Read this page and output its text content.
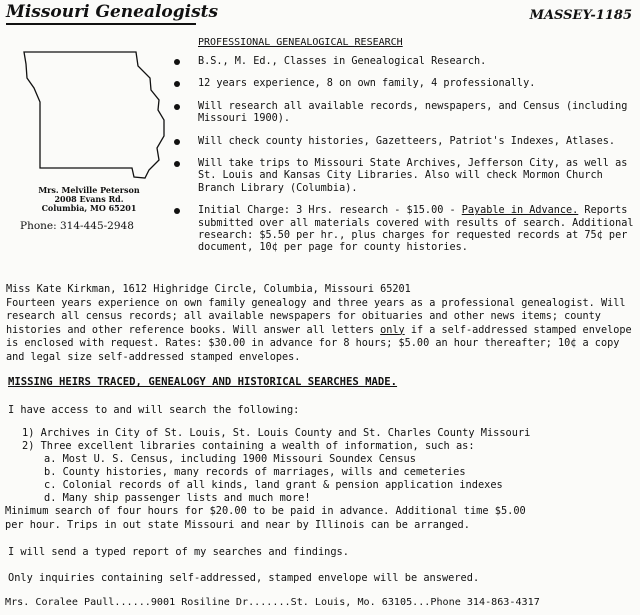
Missouri Genealogists	MASSEY-1185
Mrs. Melville Peterson
2008 Evans Rd.
Columbia, MO 65201
Phone: 314-445-2948
PROFESSIONAL GENEALOGICAL RESEARCH
B.S., M. Ed., Classes in Genealogical Research.
12 years experience, 8 on own family, 4 professionally.
Will research all available records, newspapers, and Census (including Missouri 1900).
Will check county histories, Gazetteers, Patriot's Indexes, Atlases.
Will take trips to Missouri State Archives, Jefferson City, as well as St. Louis and Kansas City Libraries. Also will check Mormon Church Branch Library (Columbia).
Initial Charge: 3 Hrs. research - $15.00 - Payable in Advance. Reports submitted over all materials covered with results of search. Additional research: $5.50 per hr., plus charges for requested records at 75¢ per document, 10¢ per page for county histories.

Miss Kate Kirkman, 1612 Highridge Circle, Columbia, Missouri 65201
Fourteen years experience on own family genealogy and three years as a professional genealogist. Will research all census records; all available newspapers for obituaries and other news items; county histories and other reference books. Will answer all letters only if a self-addressed stamped envelope is enclosed with request. Rates: $30.00 in advance for 8 hours; $5.00 an hour thereafter; 10¢ a copy and legal size self-addressed stamped envelopes.

MISSING HEIRS TRACED, GENEALOGY AND HISTORICAL SEARCHES MADE.
I have access to and will search the following:
1) Archives in City of St. Louis, St. Louis County and St. Charles County Missouri
2) Three excellent libraries containing a wealth of information, such as:
a. Most U. S. Census, including 1900 Missouri Soundex Census
b. County histories, many records of marriages, wills and cemeteries
c. Colonial records of all kinds, land grant & pension application indexes
d. Many ship passenger lists and much more!
Minimum search of four hours for $20.00 to be paid in advance. Additional time $5.00
per hour. Trips in out state Missouri and near by Illinois can be arranged.
I will send a typed report of my searches and findings.
Only inquiries containing self-addressed, stamped envelope will be answered.
Mrs. Coralee Paull......9001 Rosiline Dr.......St. Louis, Mo. 63105...Phone 314-863-4317
